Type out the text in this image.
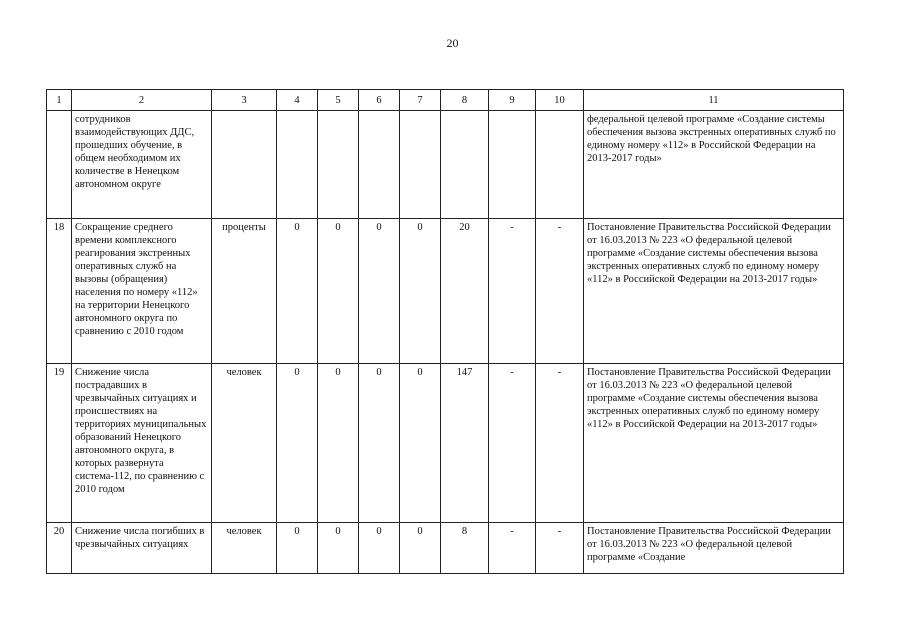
20
1	2	3	4	5	6	7	8	9	10	11
	сотрудников взаимодействующих ДДС, прошедших обучение, в общем необходимом их количестве в Ненецком автономном округе									федеральной целевой программе «Создание системы обеспечения вызова экстренных оперативных служб по единому номеру «112» в Российской Федерации на 2013-2017 годы»
18	Сокращение среднего времени комплексного реагирования экстренных оперативных служб на вызовы (обращения) населения по номеру «112» на территории Ненецкого автономного округа по сравнению с 2010 годом	проценты	0	0	0	0	20	-	-	Постановление Правительства Российской Федерации от 16.03.2013 № 223 «О федеральной целевой программе «Создание системы обеспечения вызова экстренных оперативных служб по единому номеру «112» в Российской Федерации на 2013-2017 годы»
19	Снижение числа пострадавших в чрезвычайных ситуациях и происшествиях на территориях муниципальных образований Ненецкого автономного округа, в которых развернута система-112, по сравнению с 2010 годом	человек	0	0	0	0	147	-	-	Постановление Правительства Российской Федерации от 16.03.2013 № 223 «О федеральной целевой программе «Создание системы обеспечения вызова экстренных оперативных служб по единому номеру «112» в Российской Федерации на 2013-2017 годы»
20	Снижение числа погибших в чрезвычайных ситуациях	человек	0	0	0	0	8	-	-	Постановление Правительства Российской Федерации от 16.03.2013 № 223 «О федеральной целевой программе «Создание
